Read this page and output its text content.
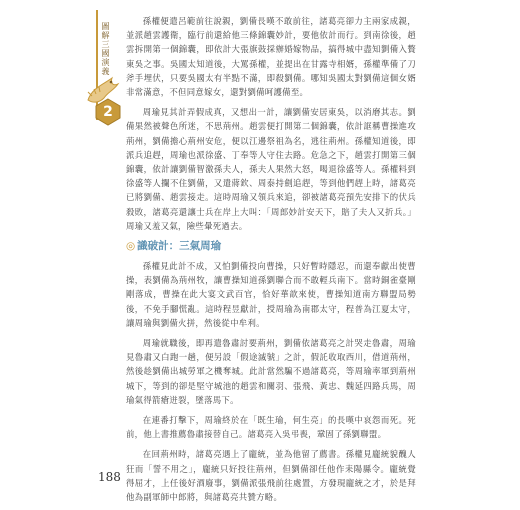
圖解三國演義
2

孫權便遣呂範前往說親，劉備長嘆不敢前往，諸葛亮卻力主兩家成親，並派趙雲護衛，臨行前還給他三條錦囊妙計，要他依計而行。到南徐後，趙雲拆開第一個錦囊，即依計大張旗鼓採辦婚嫁物品，搞得城中盡知劉備入贅東吳之事。吳國太知道後，大罵孫權，並提出在甘露寺相婿，孫權準備了刀斧手埋伏，只要吳國太有半點不滿，即殺劉備。哪知吳國太對劉備這個女婿非常滿意，不但同意嫁女，還對劉備呵護備至。

周瑜見其計弄假成真，又想出一計，讓劉備安居東吳，以消磨其志。劉備果然被聲色所迷，不思荊州。趙雲便打開第二個錦囊，依計誆稱曹操進攻荊州，劉備擔心荊州安危，便以江邊祭祖為名，逃往荊州。孫權知道後，即派兵追趕，周瑜也派徐盛、丁奉等人守住去路。危急之下，趙雲打開第三個錦囊，依計讓劉備智激孫夫人，孫夫人果然大怒，喝退徐盛等人。孫權料到徐盛等人攔不住劉備，又遣蔣欽、周泰持劍追趕，等到他們趕上時，諸葛亮已將劉備、趙雲接走。這時周瑜又領兵來追，卻被諸葛亮預先安排下的伏兵殺敗，諸葛亮還讓士兵在岸上大叫：「周郎妙計安天下，賠了夫人又折兵。」周瑜又羞又氣，險些暈死過去。

◎ 識破計：三氣周瑜

孫權見此計不成，又怕劉備投向曹操，只好暫時隱忍，而還奉獻出使曹操，表劉備為荊州牧，讓曹操知道孫劉聯合而不敢輕兵南下。當時銅雀臺剛剛落成，曹操在此大宴文武百官，恰好華歆來使，曹操知道南方聯盟局勢後，不免手腳慌亂。這時程昱獻計，授周瑜為南郡太守，程普為江夏太守，讓周瑜與劉備火拼，然後從中牟利。

周瑜就職後，即再遣魯肅討要荊州，劉備依諸葛亮之計哭走魯肅，周瑜見魯肅又白跑一趟，便另設「假途滅虢」之計，假託收取西川，借道荊州，然後趁劉備出城勞軍之機奪城。此計當然騙不過諸葛亮，等周瑜率軍到荊州城下，等到的卻是堅守城池的趙雲和關羽、張飛、黃忠、魏延四路兵馬，周瑜氣得箭瘡迸裂，墜落馬下。

在連番打擊下，周瑜終於在「既生瑜，何生亮」的長嘆中哀怨而死。死前，他上書推薦魯肅接替自己。諸葛亮入吳弔喪，鞏固了孫劉聯盟。

在回荊州時，諸葛亮遇上了龐統，並為他留了薦書。孫權見龐統貌醜人狂而「誓不用之」，龐統只好投往荊州，但劉備卻任他作耒陽縣令。龐統覺得屈才，上任後好酒廢事，劉備派張飛前往處置，方發現龐統之才，於是拜他為副軍師中郎將，與諸葛亮共贊方略。

188
